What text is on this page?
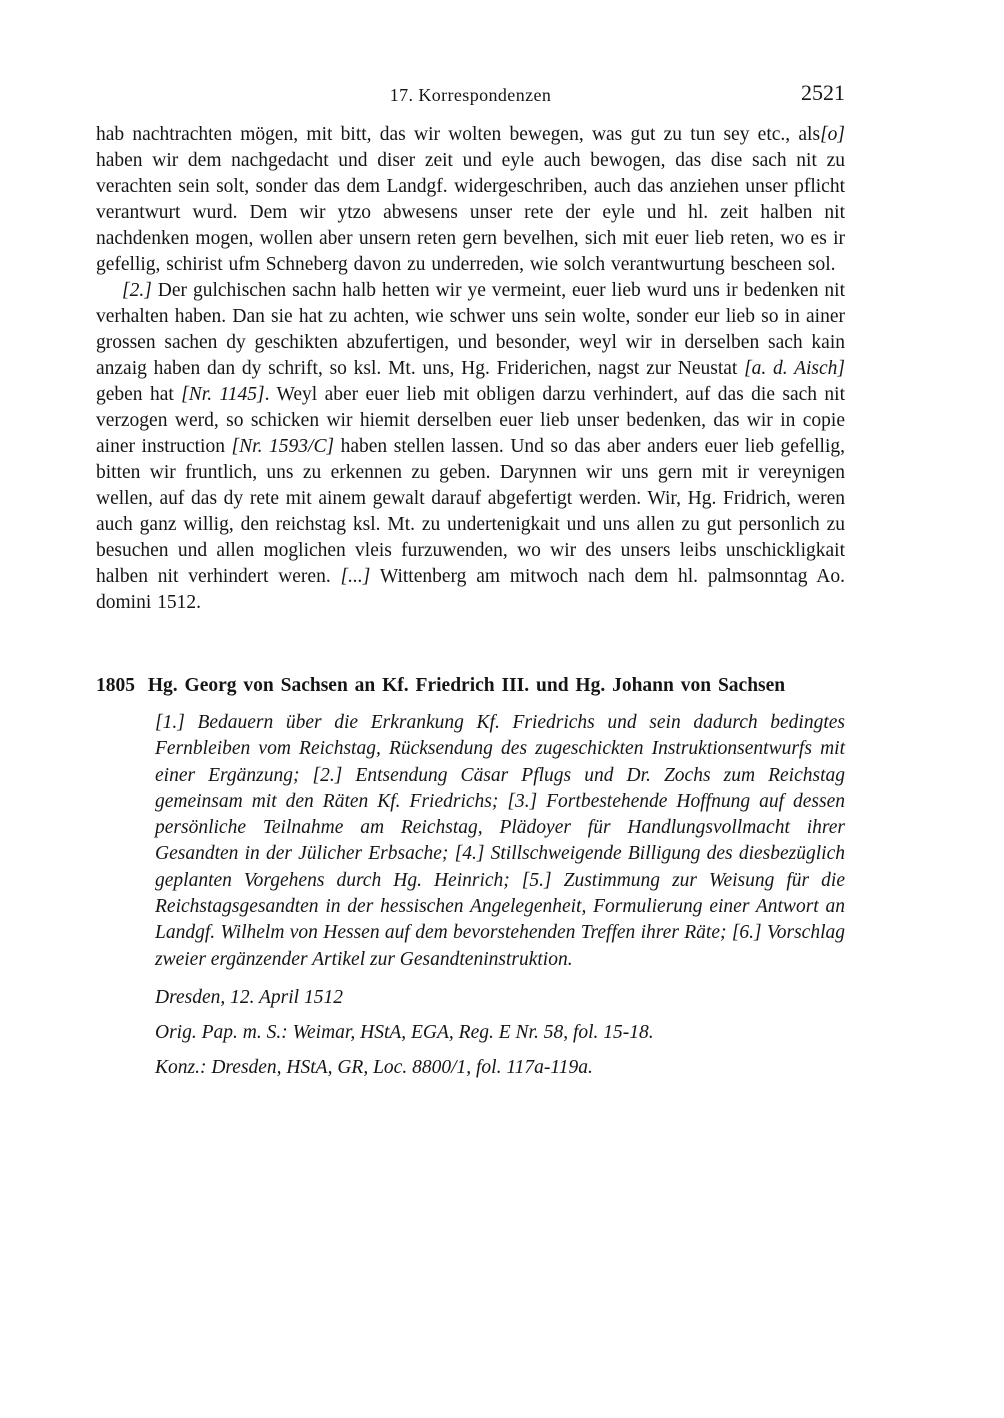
17. Korrespondenzen	2521

hab nachtrachten mögen, mit bitt, das wir wolten bewegen, was gut zu tun sey etc., als[o] haben wir dem nachgedacht und diser zeit und eyle auch bewogen, das dise sach nit zu verachten sein solt, sonder das dem Landgf. widergeschriben, auch das anziehen unser pflicht verantwurt wurd. Dem wir ytzo abwesens unser rete der eyle und hl. zeit halben nit nachdenken mogen, wollen aber unsern reten gern bevelhen, sich mit euer lieb reten, wo es ir gefellig, schirist ufm Schneberg davon zu underreden, wie solch verantwurtung bescheen sol.

[2.] Der gulchischen sachn halb hetten wir ye vermeint, euer lieb wurd uns ir bedenken nit verhalten haben. Dan sie hat zu achten, wie schwer uns sein wolte, sonder eur lieb so in ainer grossen sachen dy geschikten abzufertigen, und besonder, weyl wir in derselben sach kain anzaig haben dan dy schrift, so ksl. Mt. uns, Hg. Friderichen, nagst zur Neustat [a. d. Aisch] geben hat [Nr. 1145]. Weyl aber euer lieb mit obligen darzu verhindert, auf das die sach nit verzogen werd, so schicken wir hiemit derselben euer lieb unser bedenken, das wir in copie ainer instruction [Nr. 1593/C] haben stellen lassen. Und so das aber anders euer lieb gefellig, bitten wir fruntlich, uns zu erkennen zu geben. Darynnen wir uns gern mit ir vereynigen wellen, auf das dy rete mit ainem gewalt darauf abgefertigt werden. Wir, Hg. Fridrich, weren auch ganz willig, den reichstag ksl. Mt. zu undertenigkait und uns allen zu gut personlich zu besuchen und allen moglichen vleis furzuwenden, wo wir des unsers leibs unschickligkait halben nit verhindert weren. [...] Wittenberg am mitwoch nach dem hl. palmsonntag Ao. domini 1512.

1805 Hg. Georg von Sachsen an Kf. Friedrich III. und Hg. Johann von Sachsen

[1.] Bedauern über die Erkrankung Kf. Friedrichs und sein dadurch bedingtes Fernbleiben vom Reichstag, Rücksendung des zugeschickten Instruktionsentwurfs mit einer Ergänzung; [2.] Entsendung Cäsar Pflugs und Dr. Zochs zum Reichstag gemeinsam mit den Räten Kf. Friedrichs; [3.] Fortbestehende Hoffnung auf dessen persönliche Teilnahme am Reichstag, Plädoyer für Handlungsvollmacht ihrer Gesandten in der Jülicher Erbsache; [4.] Stillschweigende Billigung des diesbezüglich geplanten Vorgehens durch Hg. Heinrich; [5.] Zustimmung zur Weisung für die Reichstagsgesandten in der hessischen Angelegenheit, Formulierung einer Antwort an Landgf. Wilhelm von Hessen auf dem bevorstehenden Treffen ihrer Räte; [6.] Vorschlag zweier ergänzender Artikel zur Gesandteninstruktion.

Dresden, 12. April 1512

Orig. Pap. m. S.: Weimar, HStA, EGA, Reg. E Nr. 58, fol. 15-18.

Konz.: Dresden, HStA, GR, Loc. 8800/1, fol. 117a-119a.
